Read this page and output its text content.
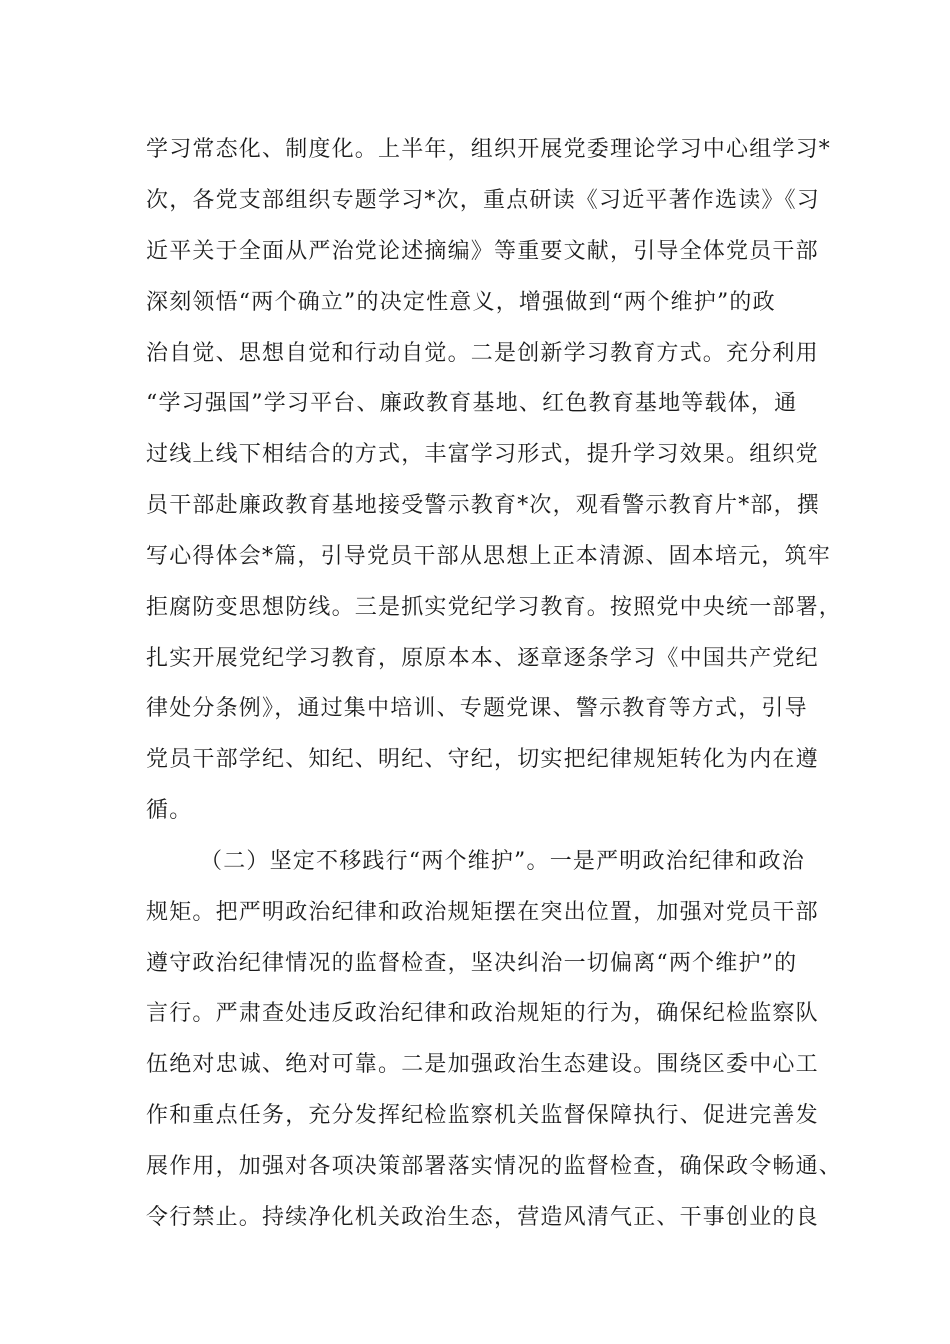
学习常态化、制度化。上半年，组织开展党委理论学习中心组学习*
次，各党支部组织专题学习*次，重点研读《习近平著作选读》《习
近平关于全面从严治党论述摘编》等重要文献，引导全体党员干部
深刻领悟“两个确立”的决定性意义，增强做到“两个维护”的政
治自觉、思想自觉和行动自觉。二是创新学习教育方式。充分利用
“学习强国”学习平台、廉政教育基地、红色教育基地等载体，通
过线上线下相结合的方式，丰富学习形式，提升学习效果。组织党
员干部赴廉政教育基地接受警示教育*次，观看警示教育片*部，撰
写心得体会*篇，引导党员干部从思想上正本清源、固本培元，筑牢
拒腐防变思想防线。三是抓实党纪学习教育。按照党中央统一部署，
扎实开展党纪学习教育，原原本本、逐章逐条学习《中国共产党纪
律处分条例》，通过集中培训、专题党课、警示教育等方式，引导
党员干部学纪、知纪、明纪、守纪，切实把纪律规矩转化为内在遵
循。
（二）坚定不移践行“两个维护”。一是严明政治纪律和政治
规矩。把严明政治纪律和政治规矩摆在突出位置，加强对党员干部
遵守政治纪律情况的监督检查，坚决纠治一切偏离“两个维护”的
言行。严肃查处违反政治纪律和政治规矩的行为，确保纪检监察队
伍绝对忠诚、绝对可靠。二是加强政治生态建设。围绕区委中心工
作和重点任务，充分发挥纪检监察机关监督保障执行、促进完善发
展作用，加强对各项决策部署落实情况的监督检查，确保政令畅通、
令行禁止。持续净化机关政治生态，营造风清气正、干事创业的良
